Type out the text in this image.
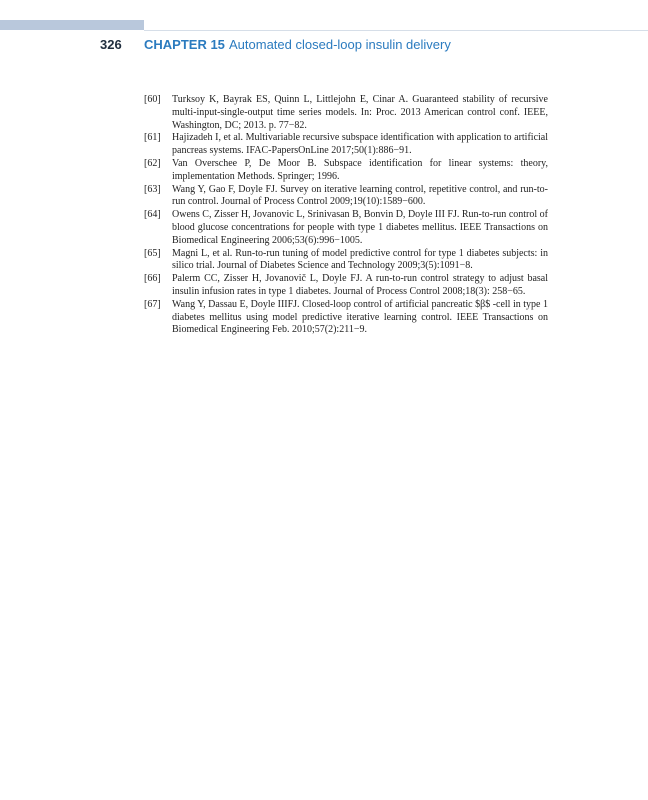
326 CHAPTER 15 Automated closed-loop insulin delivery
[60] Turksoy K, Bayrak ES, Quinn L, Littlejohn E, Cinar A. Guaranteed stability of recursive multi-input-single-output time series models. In: Proc. 2013 American control conf. IEEE, Washington, DC; 2013. p. 77−82.
[61] Hajizadeh I, et al. Multivariable recursive subspace identification with application to artificial pancreas systems. IFAC-PapersOnLine 2017;50(1):886−91.
[62] Van Overschee P, De Moor B. Subspace identification for linear systems: theory, implementation Methods. Springer; 1996.
[63] Wang Y, Gao F, Doyle FJ. Survey on iterative learning control, repetitive control, and run-to-run control. Journal of Process Control 2009;19(10):1589−600.
[64] Owens C, Zisser H, Jovanovic L, Srinivasan B, Bonvin D, Doyle III FJ. Run-to-run control of blood glucose concentrations for people with type 1 diabetes mellitus. IEEE Transactions on Biomedical Engineering 2006;53(6):996−1005.
[65] Magni L, et al. Run-to-run tuning of model predictive control for type 1 diabetes subjects: in silico trial. Journal of Diabetes Science and Technology 2009;3(5):1091−8.
[66] Palerm CC, Zisser H, Jovanovič L, Doyle FJ. A run-to-run control strategy to adjust basal insulin infusion rates in type 1 diabetes. Journal of Process Control 2008;18(3): 258−65.
[67] Wang Y, Dassau E, Doyle IIIFJ. Closed-loop control of artificial pancreatic $β$ -cell in type 1 diabetes mellitus using model predictive iterative learning control. IEEE Transactions on Biomedical Engineering Feb. 2010;57(2):211−9.
